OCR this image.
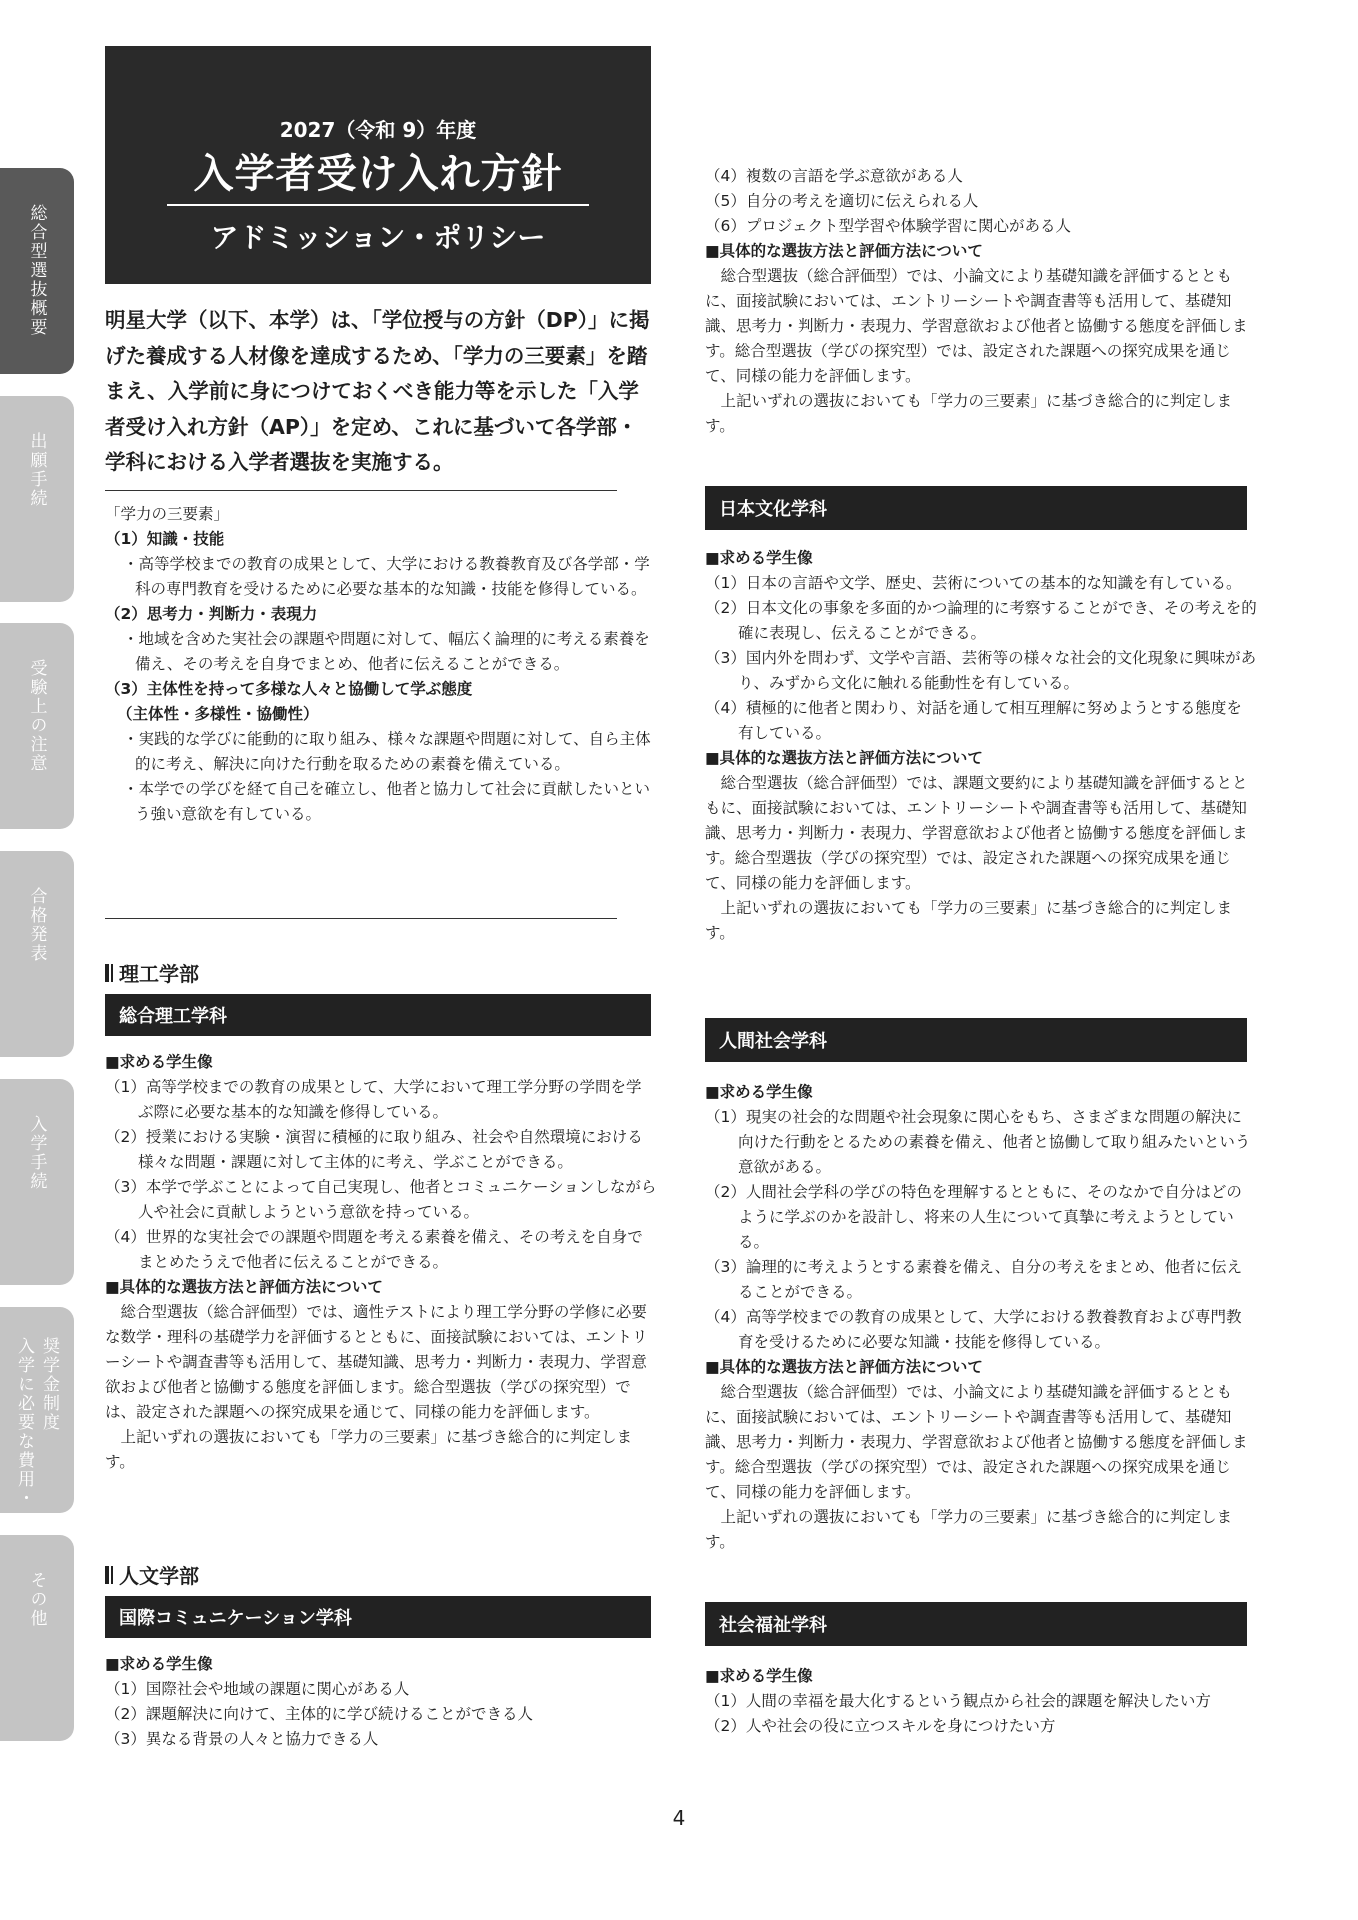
総合型選抜概要
出願手続
受験上の注意
合格発表
入学手続
入学に必要な費用・ 奨学金制度
その他
2027（令和 9）年度
入学者受け入れ方針
アドミッション・ポリシー

明星大学（以下、本学）は、「学位授与の方針（DP）」に掲げた養成する人材像を達成するため、「学力の三要素」を踏まえ、入学前に身につけておくべき能力等を示した「入学者受け入れ方針（AP）」を定め、これに基づいて各学部・学科における入学者選抜を実施する。

「学力の三要素」

（1）知識・技能

・高等学校までの教育の成果として、大学における教養教育及び各学部・学科の専門教育を受けるために必要な基本的な知識・技能を修得している。

（2）思考力・判断力・表現力

・地域を含めた実社会の課題や問題に対して、幅広く論理的に考える素養を備え、その考えを自身でまとめ、他者に伝えることができる。

（3）主体性を持って多様な人々と協働して学ぶ態度

（主体性・多様性・協働性）

・実践的な学びに能動的に取り組み、様々な課題や問題に対して、自ら主体的に考え、解決に向けた行動を取るための素養を備えている。

・本学での学びを経て自己を確立し、他者と協力して社会に貢献したいという強い意欲を有している。

理工学部
総合理工学科

■求める学生像

（1）高等学校までの教育の成果として、大学において理工学分野の学問を学ぶ際に必要な基本的な知識を修得している。

（2）授業における実験・演習に積極的に取り組み、社会や自然環境における様々な問題・課題に対して主体的に考え、学ぶことができる。

（3）本学で学ぶことによって自己実現し、他者とコミュニケーションしながら人や社会に貢献しようという意欲を持っている。

（4）世界的な実社会での課題や問題を考える素養を備え、その考えを自身でまとめたうえで他者に伝えることができる。

■具体的な選抜方法と評価方法について

総合型選抜（総合評価型）では、適性テストにより理工学分野の学修に必要な数学・理科の基礎学力を評価するとともに、面接試験においては、エントリーシートや調査書等も活用して、基礎知識、思考力・判断力・表現力、学習意欲および他者と協働する態度を評価します。総合型選抜（学びの探究型）では、設定された課題への探究成果を通じて、同様の能力を評価します。

上記いずれの選抜においても「学力の三要素」に基づき総合的に判定します。

人文学部
国際コミュニケーション学科

■求める学生像

（1）国際社会や地域の課題に関心がある人

（2）課題解決に向けて、主体的に学び続けることができる人

（3）異なる背景の人々と協力できる人

（4）複数の言語を学ぶ意欲がある人

（5）自分の考えを適切に伝えられる人

（6）プロジェクト型学習や体験学習に関心がある人

■具体的な選抜方法と評価方法について

総合型選抜（総合評価型）では、小論文により基礎知識を評価するとともに、面接試験においては、エントリーシートや調査書等も活用して、基礎知識、思考力・判断力・表現力、学習意欲および他者と協働する態度を評価します。総合型選抜（学びの探究型）では、設定された課題への探究成果を通じて、同様の能力を評価します。

上記いずれの選抜においても「学力の三要素」に基づき総合的に判定します。

日本文化学科

■求める学生像

（1）日本の言語や文学、歴史、芸術についての基本的な知識を有している。

（2）日本文化の事象を多面的かつ論理的に考察することができ、その考えを的確に表現し、伝えることができる。

（3）国内外を問わず、文学や言語、芸術等の様々な社会的文化現象に興味があり、みずから文化に触れる能動性を有している。

（4）積極的に他者と関わり、対話を通して相互理解に努めようとする態度を有している。

■具体的な選抜方法と評価方法について

総合型選抜（総合評価型）では、課題文要約により基礎知識を評価するとともに、面接試験においては、エントリーシートや調査書等も活用して、基礎知識、思考力・判断力・表現力、学習意欲および他者と協働する態度を評価します。総合型選抜（学びの探究型）では、設定された課題への探究成果を通じて、同様の能力を評価します。

上記いずれの選抜においても「学力の三要素」に基づき総合的に判定します。

人間社会学科

■求める学生像

（1）現実の社会的な問題や社会現象に関心をもち、さまざまな問題の解決に向けた行動をとるための素養を備え、他者と協働して取り組みたいという意欲がある。

（2）人間社会学科の学びの特色を理解するとともに、そのなかで自分はどのように学ぶのかを設計し、将来の人生について真摯に考えようとしている。

（3）論理的に考えようとする素養を備え、自分の考えをまとめ、他者に伝えることができる。

（4）高等学校までの教育の成果として、大学における教養教育および専門教育を受けるために必要な知識・技能を修得している。

■具体的な選抜方法と評価方法について

総合型選抜（総合評価型）では、小論文により基礎知識を評価するとともに、面接試験においては、エントリーシートや調査書等も活用して、基礎知識、思考力・判断力・表現力、学習意欲および他者と協働する態度を評価します。総合型選抜（学びの探究型）では、設定された課題への探究成果を通じて、同様の能力を評価します。

上記いずれの選抜においても「学力の三要素」に基づき総合的に判定します。

社会福祉学科

■求める学生像

（1）人間の幸福を最大化するという観点から社会的課題を解決したい方

（2）人や社会の役に立つスキルを身につけたい方

4
